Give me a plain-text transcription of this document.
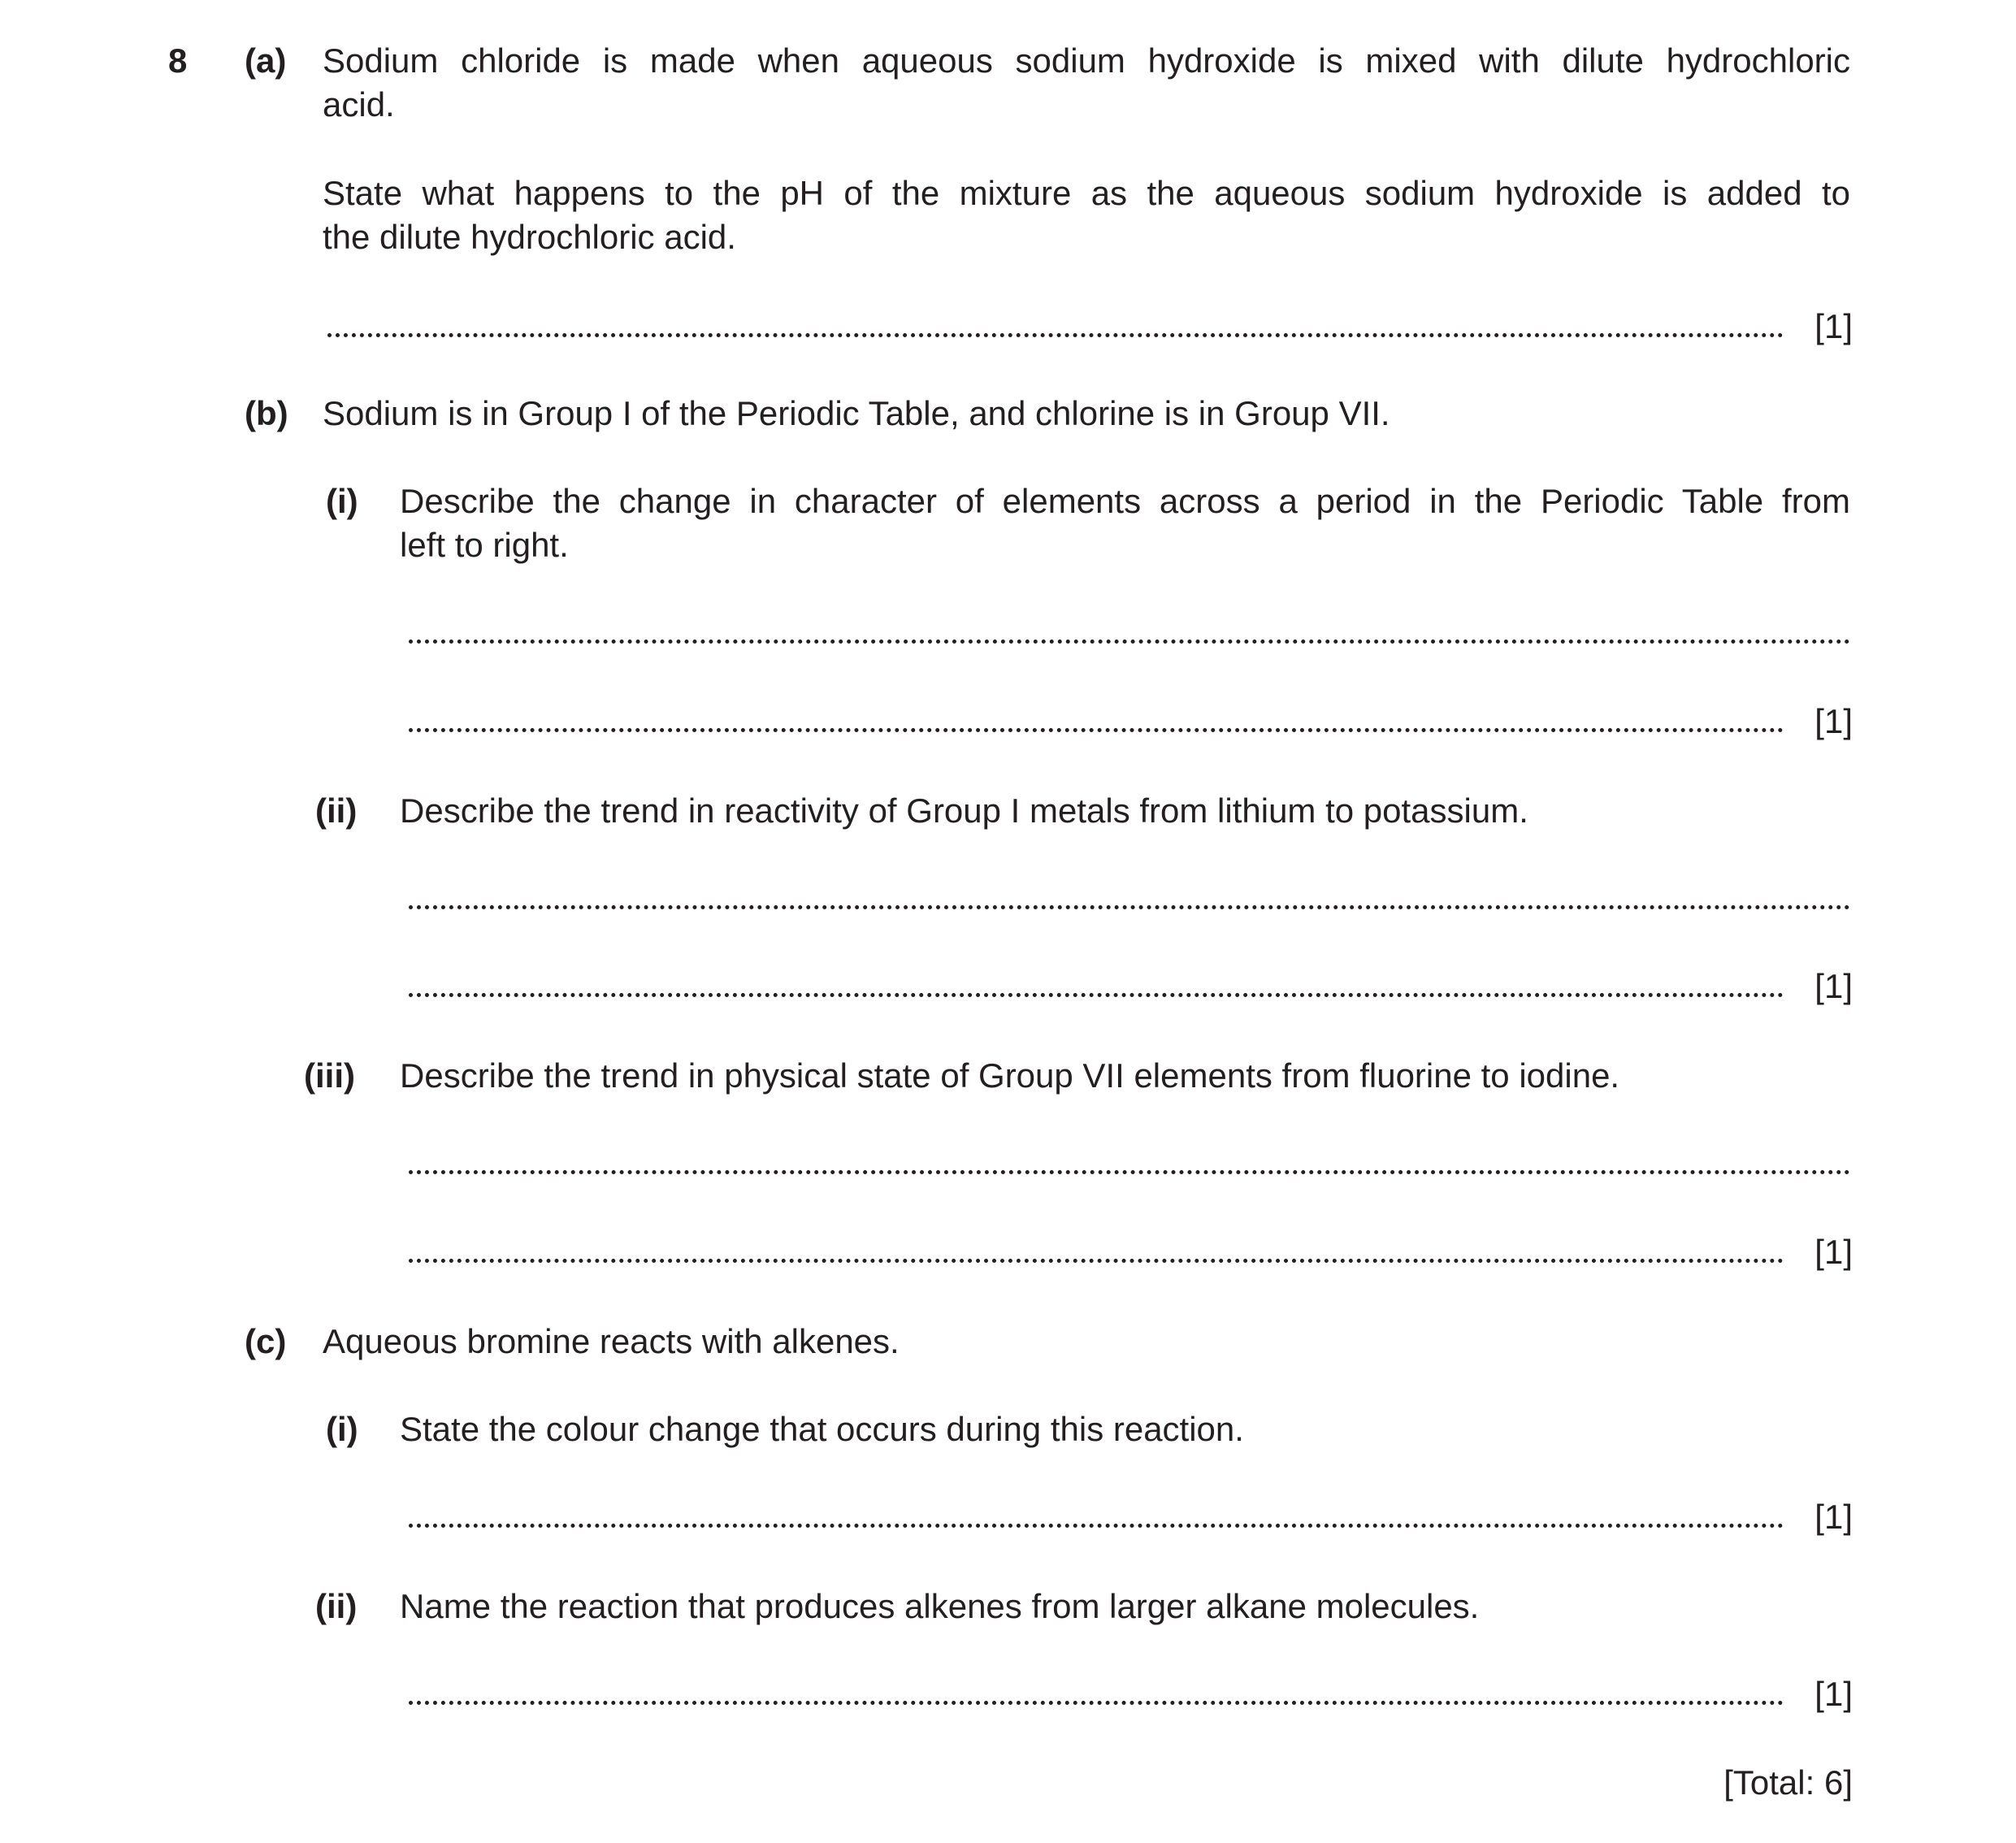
8 (a) Sodium chloride is made when aqueous sodium hydroxide is mixed with dilute hydrochloric
acid.
State what happens to the pH of the mixture as the aqueous sodium hydroxide is added to
the dilute hydrochloric acid.
[1]
(b) Sodium is in Group I of the Periodic Table, and chlorine is in Group VII.
(i) Describe the change in character of elements across a period in the Periodic Table from
left to right.
[1]
(ii) Describe the trend in reactivity of Group I metals from lithium to potassium.
[1]
(iii) Describe the trend in physical state of Group VII elements from fluorine to iodine.
[1]
(c) Aqueous bromine reacts with alkenes.
(i) State the colour change that occurs during this reaction.
[1]
(ii) Name the reaction that produces alkenes from larger alkane molecules.
[1]
[Total: 6]
